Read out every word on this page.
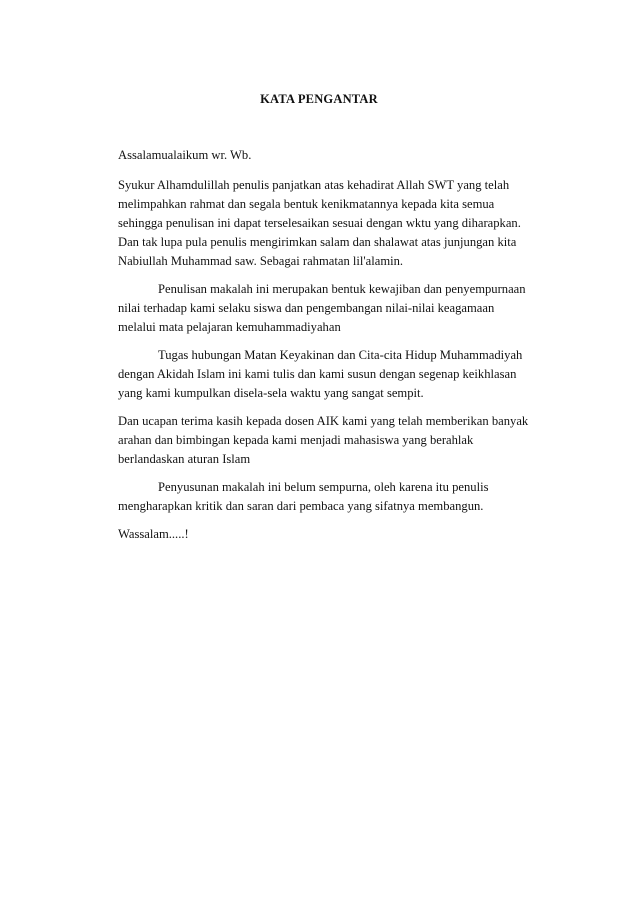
KATA PENGANTAR

Assalamualaikum wr. Wb.

Syukur Alhamdulillah penulis panjatkan atas kehadirat Allah SWT yang telah
melimpahkan rahmat dan segala bentuk kenikmatannya kepada kita semua
sehingga penulisan ini dapat terselesaikan sesuai dengan wktu yang diharapkan.
Dan tak lupa pula penulis mengirimkan salam dan shalawat atas junjungan kita
Nabiullah Muhammad saw. Sebagai rahmatan lil'alamin.

Penulisan makalah ini merupakan bentuk kewajiban dan penyempurnaan
nilai terhadap kami selaku siswa dan pengembangan nilai-nilai keagamaan
melalui mata pelajaran kemuhammadiyahan

Tugas hubungan Matan Keyakinan dan Cita-cita Hidup Muhammadiyah
dengan Akidah Islam ini kami tulis dan kami susun dengan segenap keikhlasan
yang kami kumpulkan disela-sela waktu yang sangat sempit.

Dan ucapan terima kasih kepada dosen AIK kami yang telah memberikan banyak
arahan dan bimbingan kepada kami menjadi mahasiswa yang berahlak
berlandaskan aturan Islam

Penyusunan makalah ini belum sempurna, oleh karena itu penulis
mengharapkan kritik dan saran dari pembaca yang sifatnya membangun.

Wassalam.....!
